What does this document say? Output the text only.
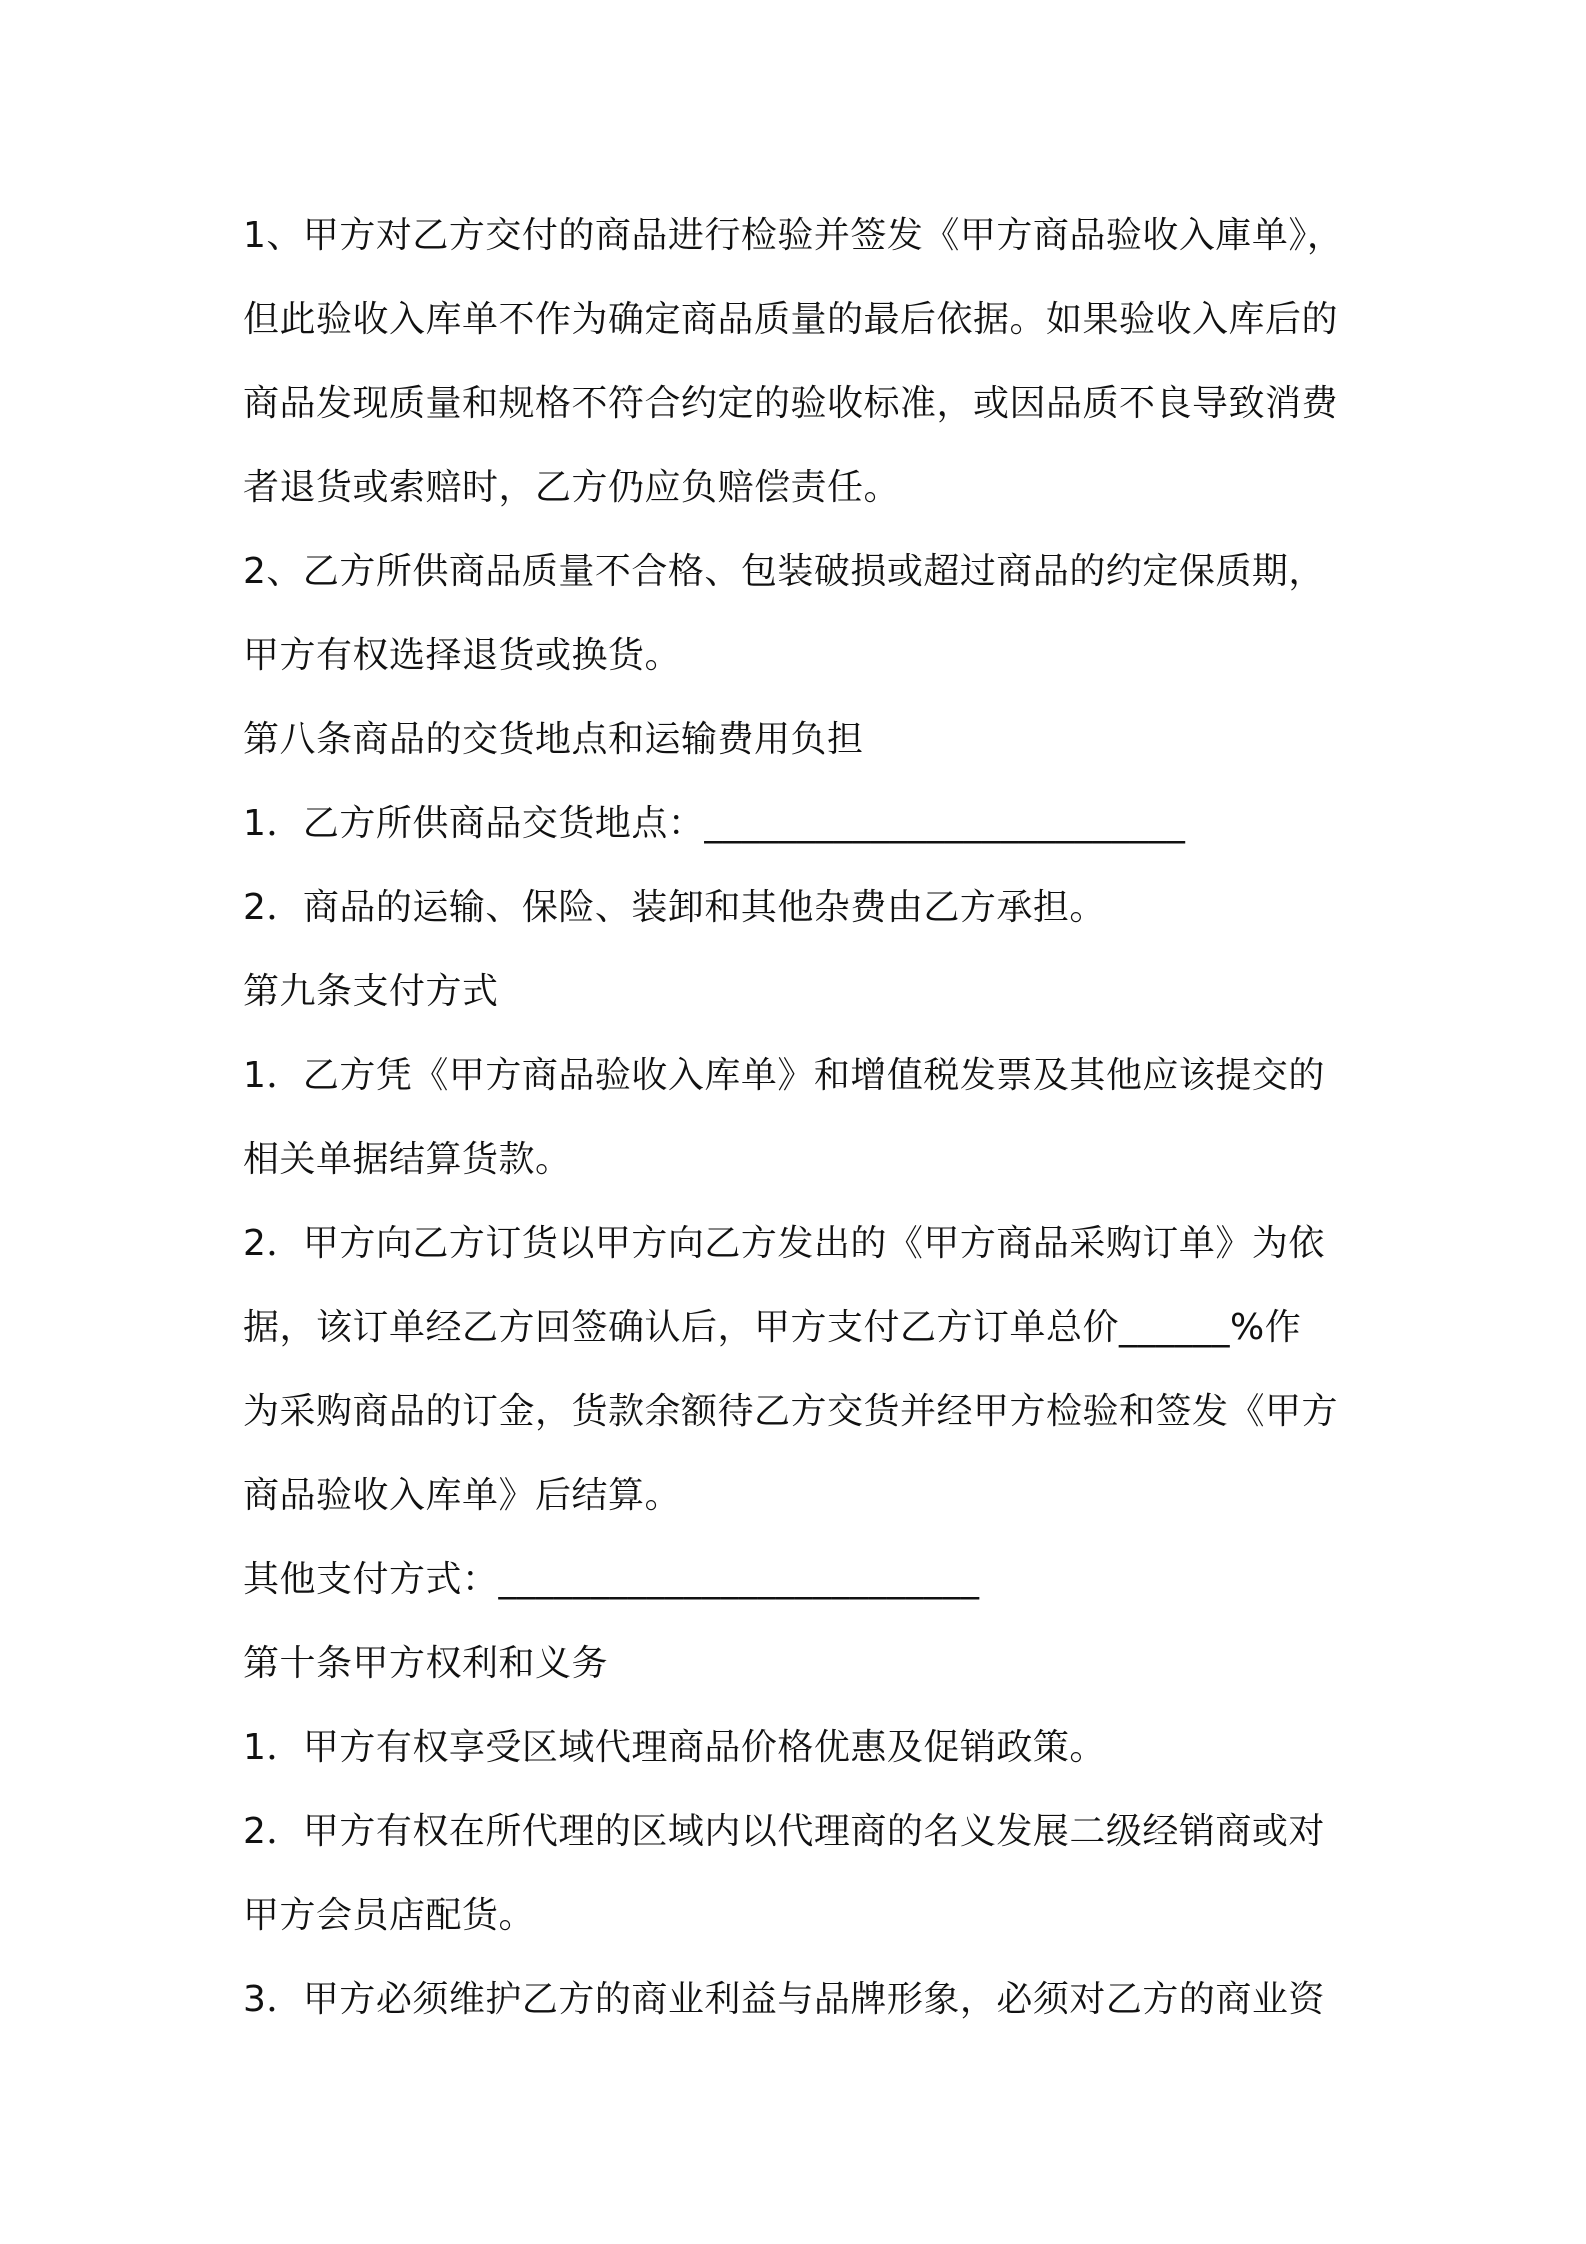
1、甲方对乙方交付的商品进行检验并签发《甲方商品验收入庫单》，

但此验收入库单不作为确定商品质量的最后依据。如果验收入库后的

商品发现质量和规格不符合约定的验收标准，或因品质不良导致消费

者退货或索赔时，乙方仍应负赔偿责任。

2、乙方所供商品质量不合格、包装破损或超过商品的约定保质期，

甲方有权选择退货或换货。

第八条商品的交货地点和运输费用负担

1．乙方所供商品交货地点：__________________________

2．商品的运输、保险、装卸和其他杂费由乙方承担。

第九条支付方式

1．乙方凭《甲方商品验收入库单》和增值税发票及其他应该提交的

相关单据结算货款。

2．甲方向乙方订货以甲方向乙方发出的《甲方商品采购订单》为依

据，该订单经乙方回签确认后，甲方支付乙方订单总价______%作

为采购商品的订金，货款余额待乙方交货并经甲方检验和签发《甲方

商品验收入库单》后结算。

其他支付方式：__________________________

第十条甲方权利和义务

1．甲方有权享受区域代理商品价格优惠及促销政策。

2．甲方有权在所代理的区域内以代理商的名义发展二级经销商或对

甲方会员店配货。

3．甲方必须维护乙方的商业利益与品牌形象，必须对乙方的商业资
